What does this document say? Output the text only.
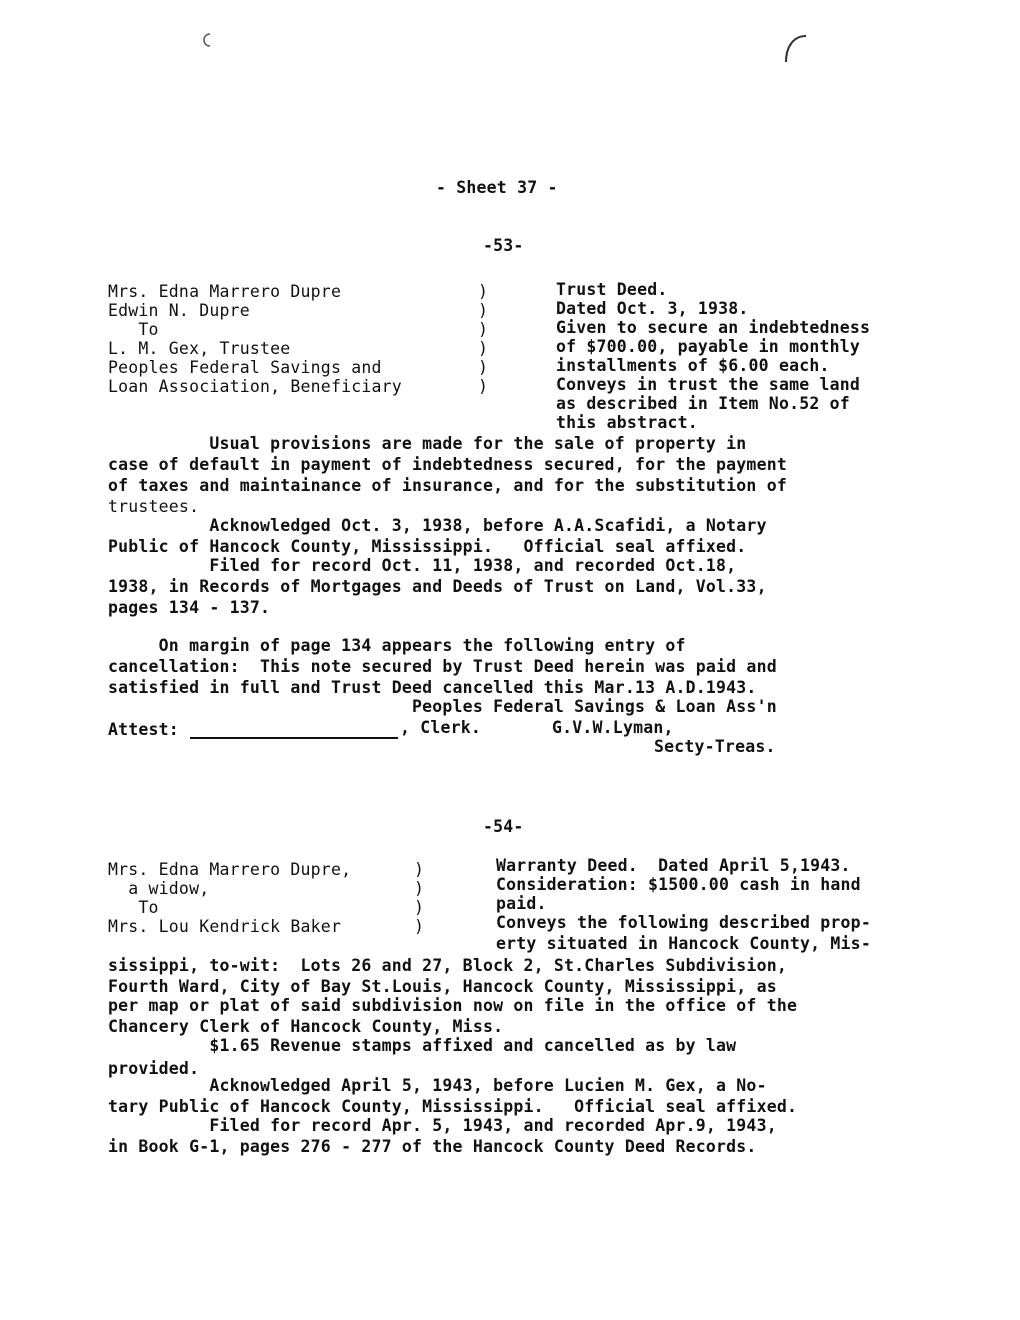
- Sheet 37 -
-53-
Mrs. Edna Marrero Dupre
Edwin N. Dupre
To
L. M. Gex, Trustee
Peoples Federal Savings and
Loan Association, Beneficiary
)
)
)
)
)
)
Trust Deed.
Dated Oct. 3, 1938.
Given to secure an indebtedness
of $700.00, payable in monthly
installments of $6.00 each.
Conveys in trust the same land
as described in Item No.52 of
this abstract.
Usual provisions are made for the sale of property in
case of default in payment of indebtedness secured, for the payment
of taxes and maintainance of insurance, and for the substitution of
trustees.
Acknowledged Oct. 3, 1938, before A.A.Scafidi, a Notary
Public of Hancock County, Mississippi.   Official seal affixed.
Filed for record Oct. 11, 1938, and recorded Oct.18,
1938, in Records of Mortgages and Deeds of Trust on Land, Vol.33,
pages 134 - 137.
On margin of page 134 appears the following entry of
cancellation:  This note secured by Trust Deed herein was paid and
satisfied in full and Trust Deed cancelled this Mar.13 A.D.1943.
Peoples Federal Savings & Loan Ass'n
Attest:	, Clerk.       G.V.W.Lyman,
Secty-Treas.
-54-
Mrs. Edna Marrero Dupre,
a widow,
To
Mrs. Lou Kendrick Baker
)
)
)
)
Warranty Deed.  Dated April 5,1943.
Consideration: $1500.00 cash in hand
paid.
Conveys the following described prop-
erty situated in Hancock County, Mis-
sissippi, to-wit:  Lots 26 and 27, Block 2, St.Charles Subdivision,
Fourth Ward, City of Bay St.Louis, Hancock County, Mississippi, as
per map or plat of said subdivision now on file in the office of the
Chancery Clerk of Hancock County, Miss.
$1.65 Revenue stamps affixed and cancelled as by law
provided.
Acknowledged April 5, 1943, before Lucien M. Gex, a No-
tary Public of Hancock County, Mississippi.   Official seal affixed.
Filed for record Apr. 5, 1943, and recorded Apr.9, 1943,
in Book G-1, pages 276 - 277 of the Hancock County Deed Records.
